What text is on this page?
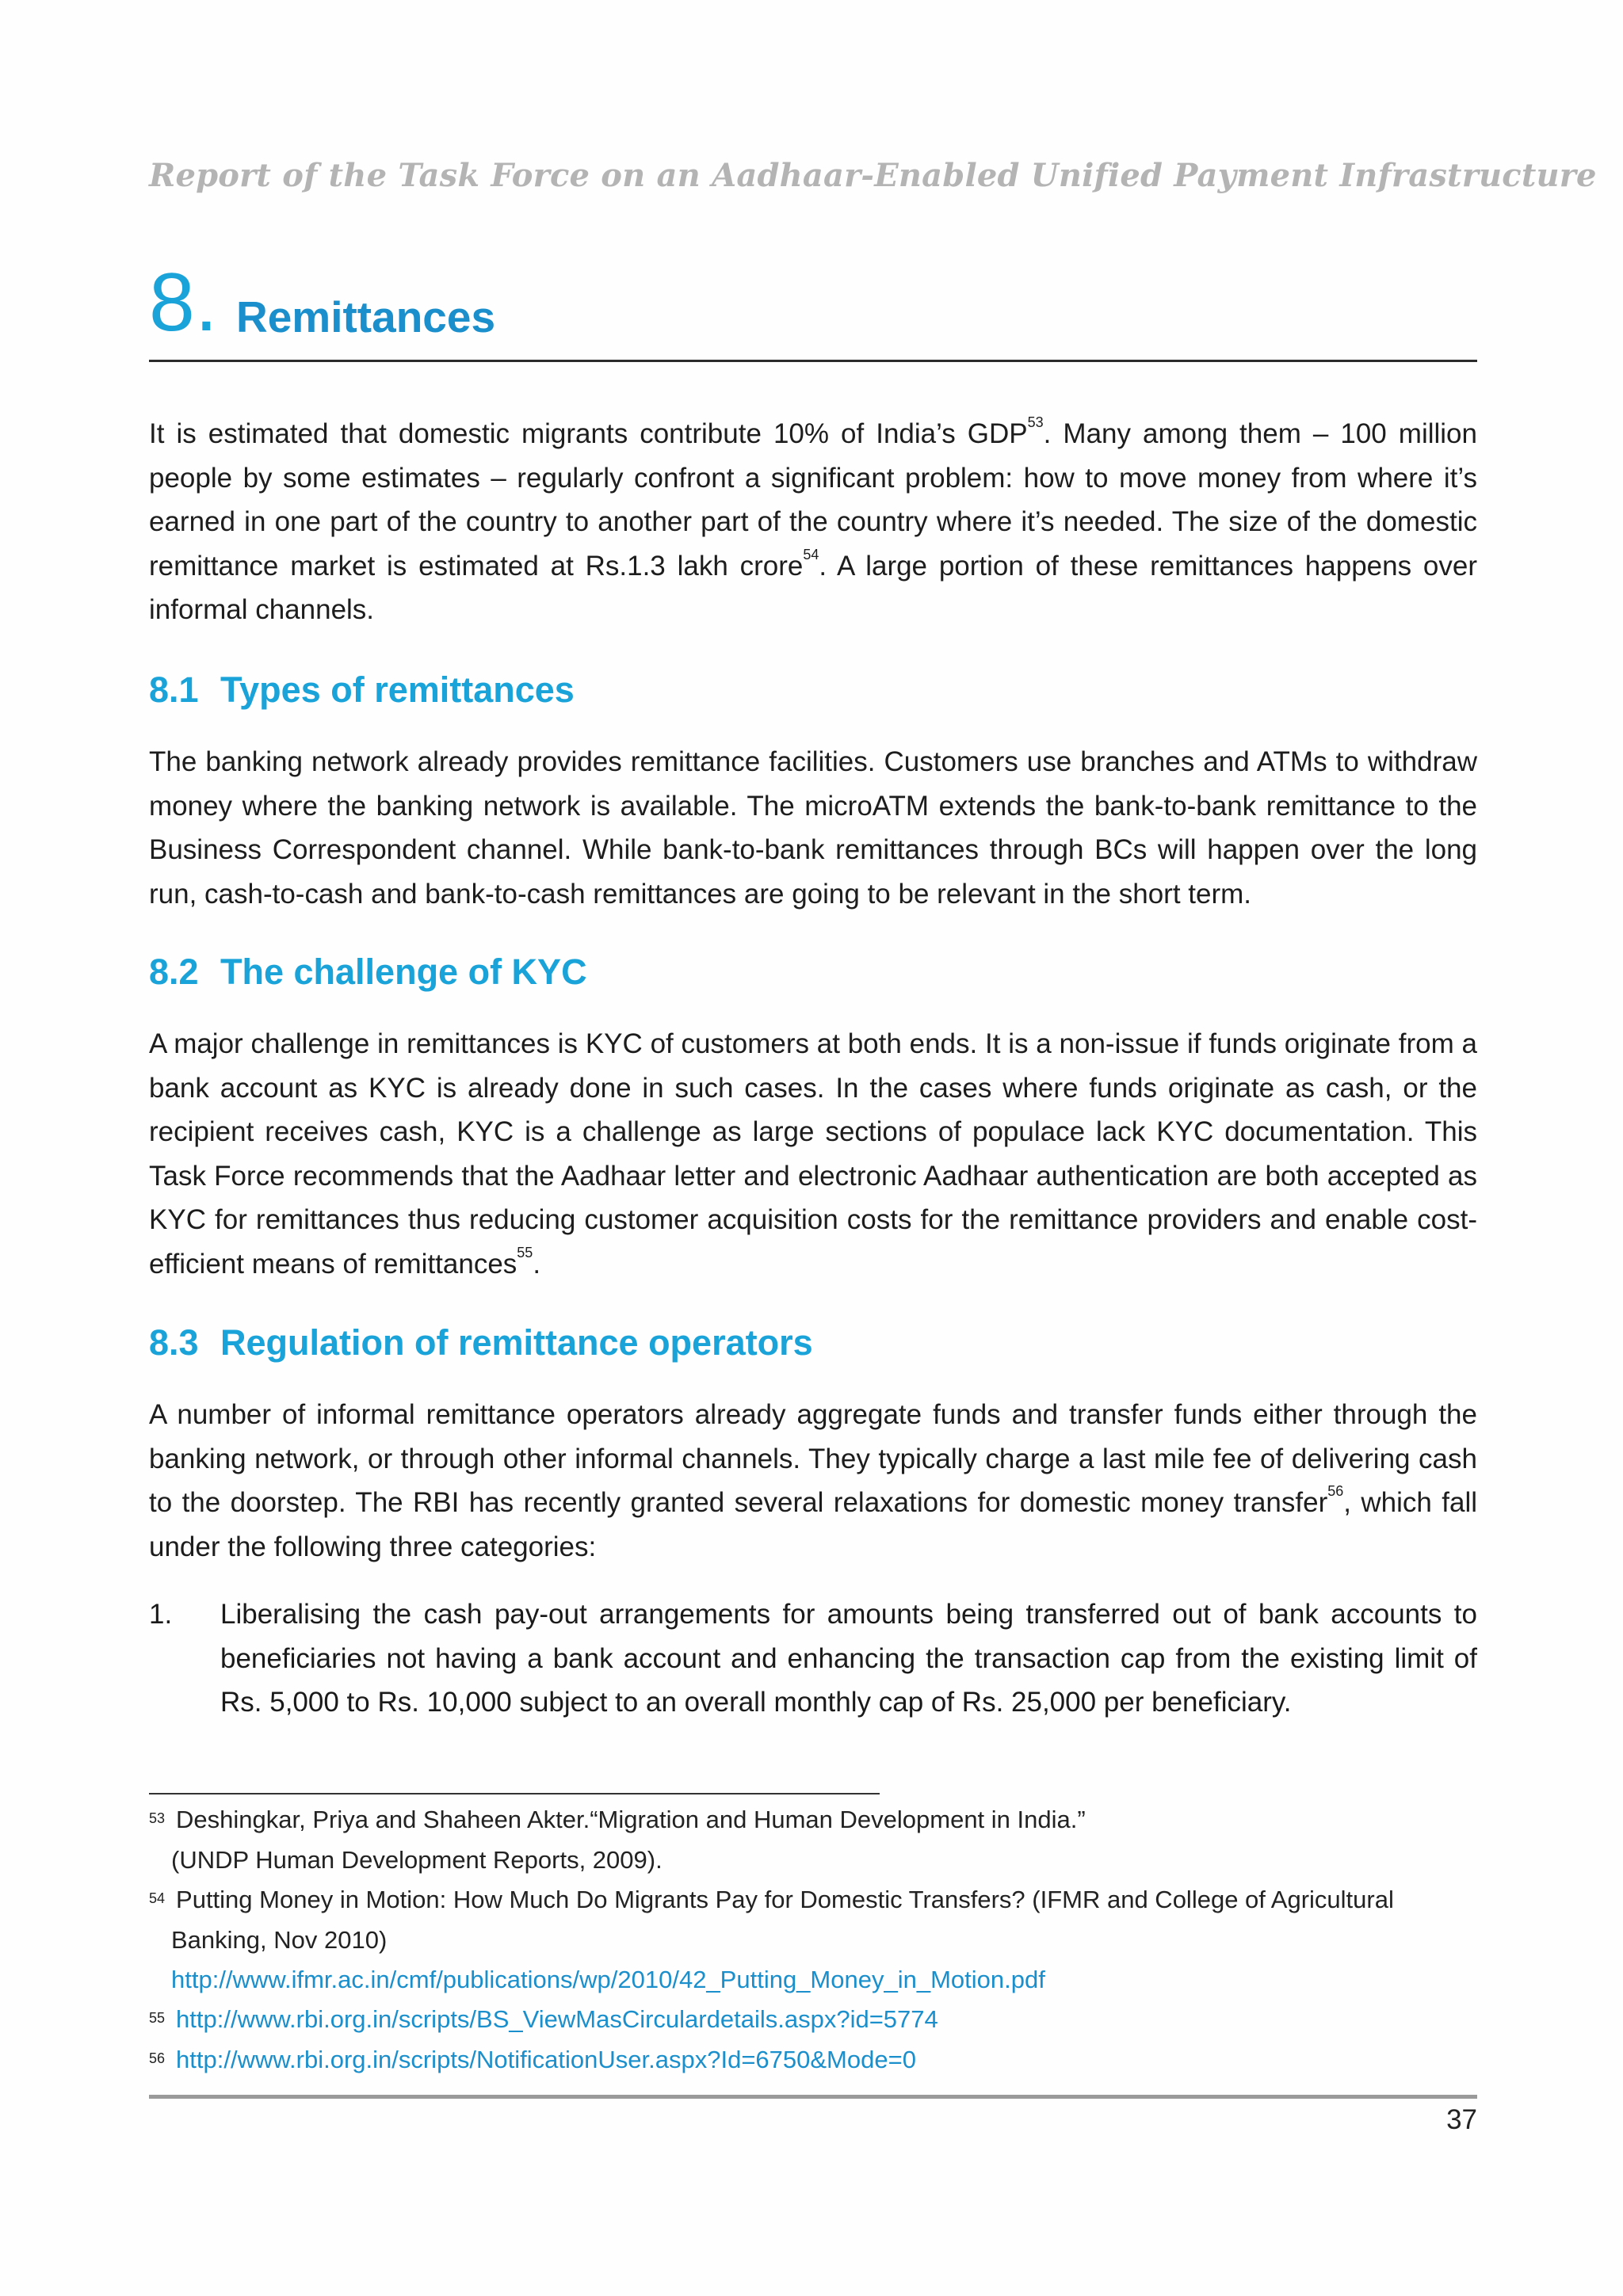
Report of the Task Force on an Aadhaar-Enabled Unified Payment Infrastructure
8. Remittances

It is estimated that domestic migrants contribute 10% of India’s GDP$^{53}$. Many among them – 100 million people by some estimates – regularly confront a significant problem: how to move money from where it’s earned in one part of the country to another part of the country where it’s needed. The size of the domestic remittance market is estimated at Rs.1.3 lakh crore$^{54}$. A large portion of these remittances happens over informal channels.

8.1 Types of remittances

The banking network already provides remittance facilities. Customers use branches and ATMs to withdraw money where the banking network is available. The microATM extends the bank-to-bank remittance to the Business Correspondent channel. While bank-to-bank remittances through BCs will happen over the long run, cash-to-cash and bank-to-cash remittances are going to be relevant in the short term.

8.2 The challenge of KYC

A major challenge in remittances is KYC of customers at both ends. It is a non-issue if funds originate from a bank account as KYC is already done in such cases. In the cases where funds originate as cash, or the recipient receives cash, KYC is a challenge as large sections of populace lack KYC documentation. This Task Force recommends that the Aadhaar letter and electronic Aadhaar authentication are both accepted as KYC for remittances thus reducing customer acquisition costs for the remittance providers and enable cost-efficient means of remittances$^{55}$.

8.3 Regulation of remittance operators

A number of informal remittance operators already aggregate funds and transfer funds either through the banking network, or through other informal channels. They typically charge a last mile fee of delivering cash to the doorstep. The RBI has recently granted several relaxations for domestic money transfer$^{56}$, which fall under the following three categories:

1. Liberalising the cash pay-out arrangements for amounts being transferred out of bank accounts to beneficiaries not having a bank account and enhancing the transaction cap from the existing limit of Rs. 5,000 to Rs. 10,000 subject to an overall monthly cap of Rs. 25,000 per beneficiary.

$^{53}$ Deshingkar, Priya and Shaheen Akter.“Migration and Human Development in India.”
(UNDP Human Development Reports, 2009).
$^{54}$ Putting Money in Motion: How Much Do Migrants Pay for Domestic Transfers? (IFMR and College of Agricultural
Banking, Nov 2010)
http://www.ifmr.ac.in/cmf/publications/wp/2010/42_Putting_Money_in_Motion.pdf
$^{55}$ http://www.rbi.org.in/scripts/BS_ViewMasCirculardetails.aspx?id=5774
$^{56}$ http://www.rbi.org.in/scripts/NotificationUser.aspx?Id=6750&Mode=0
37
